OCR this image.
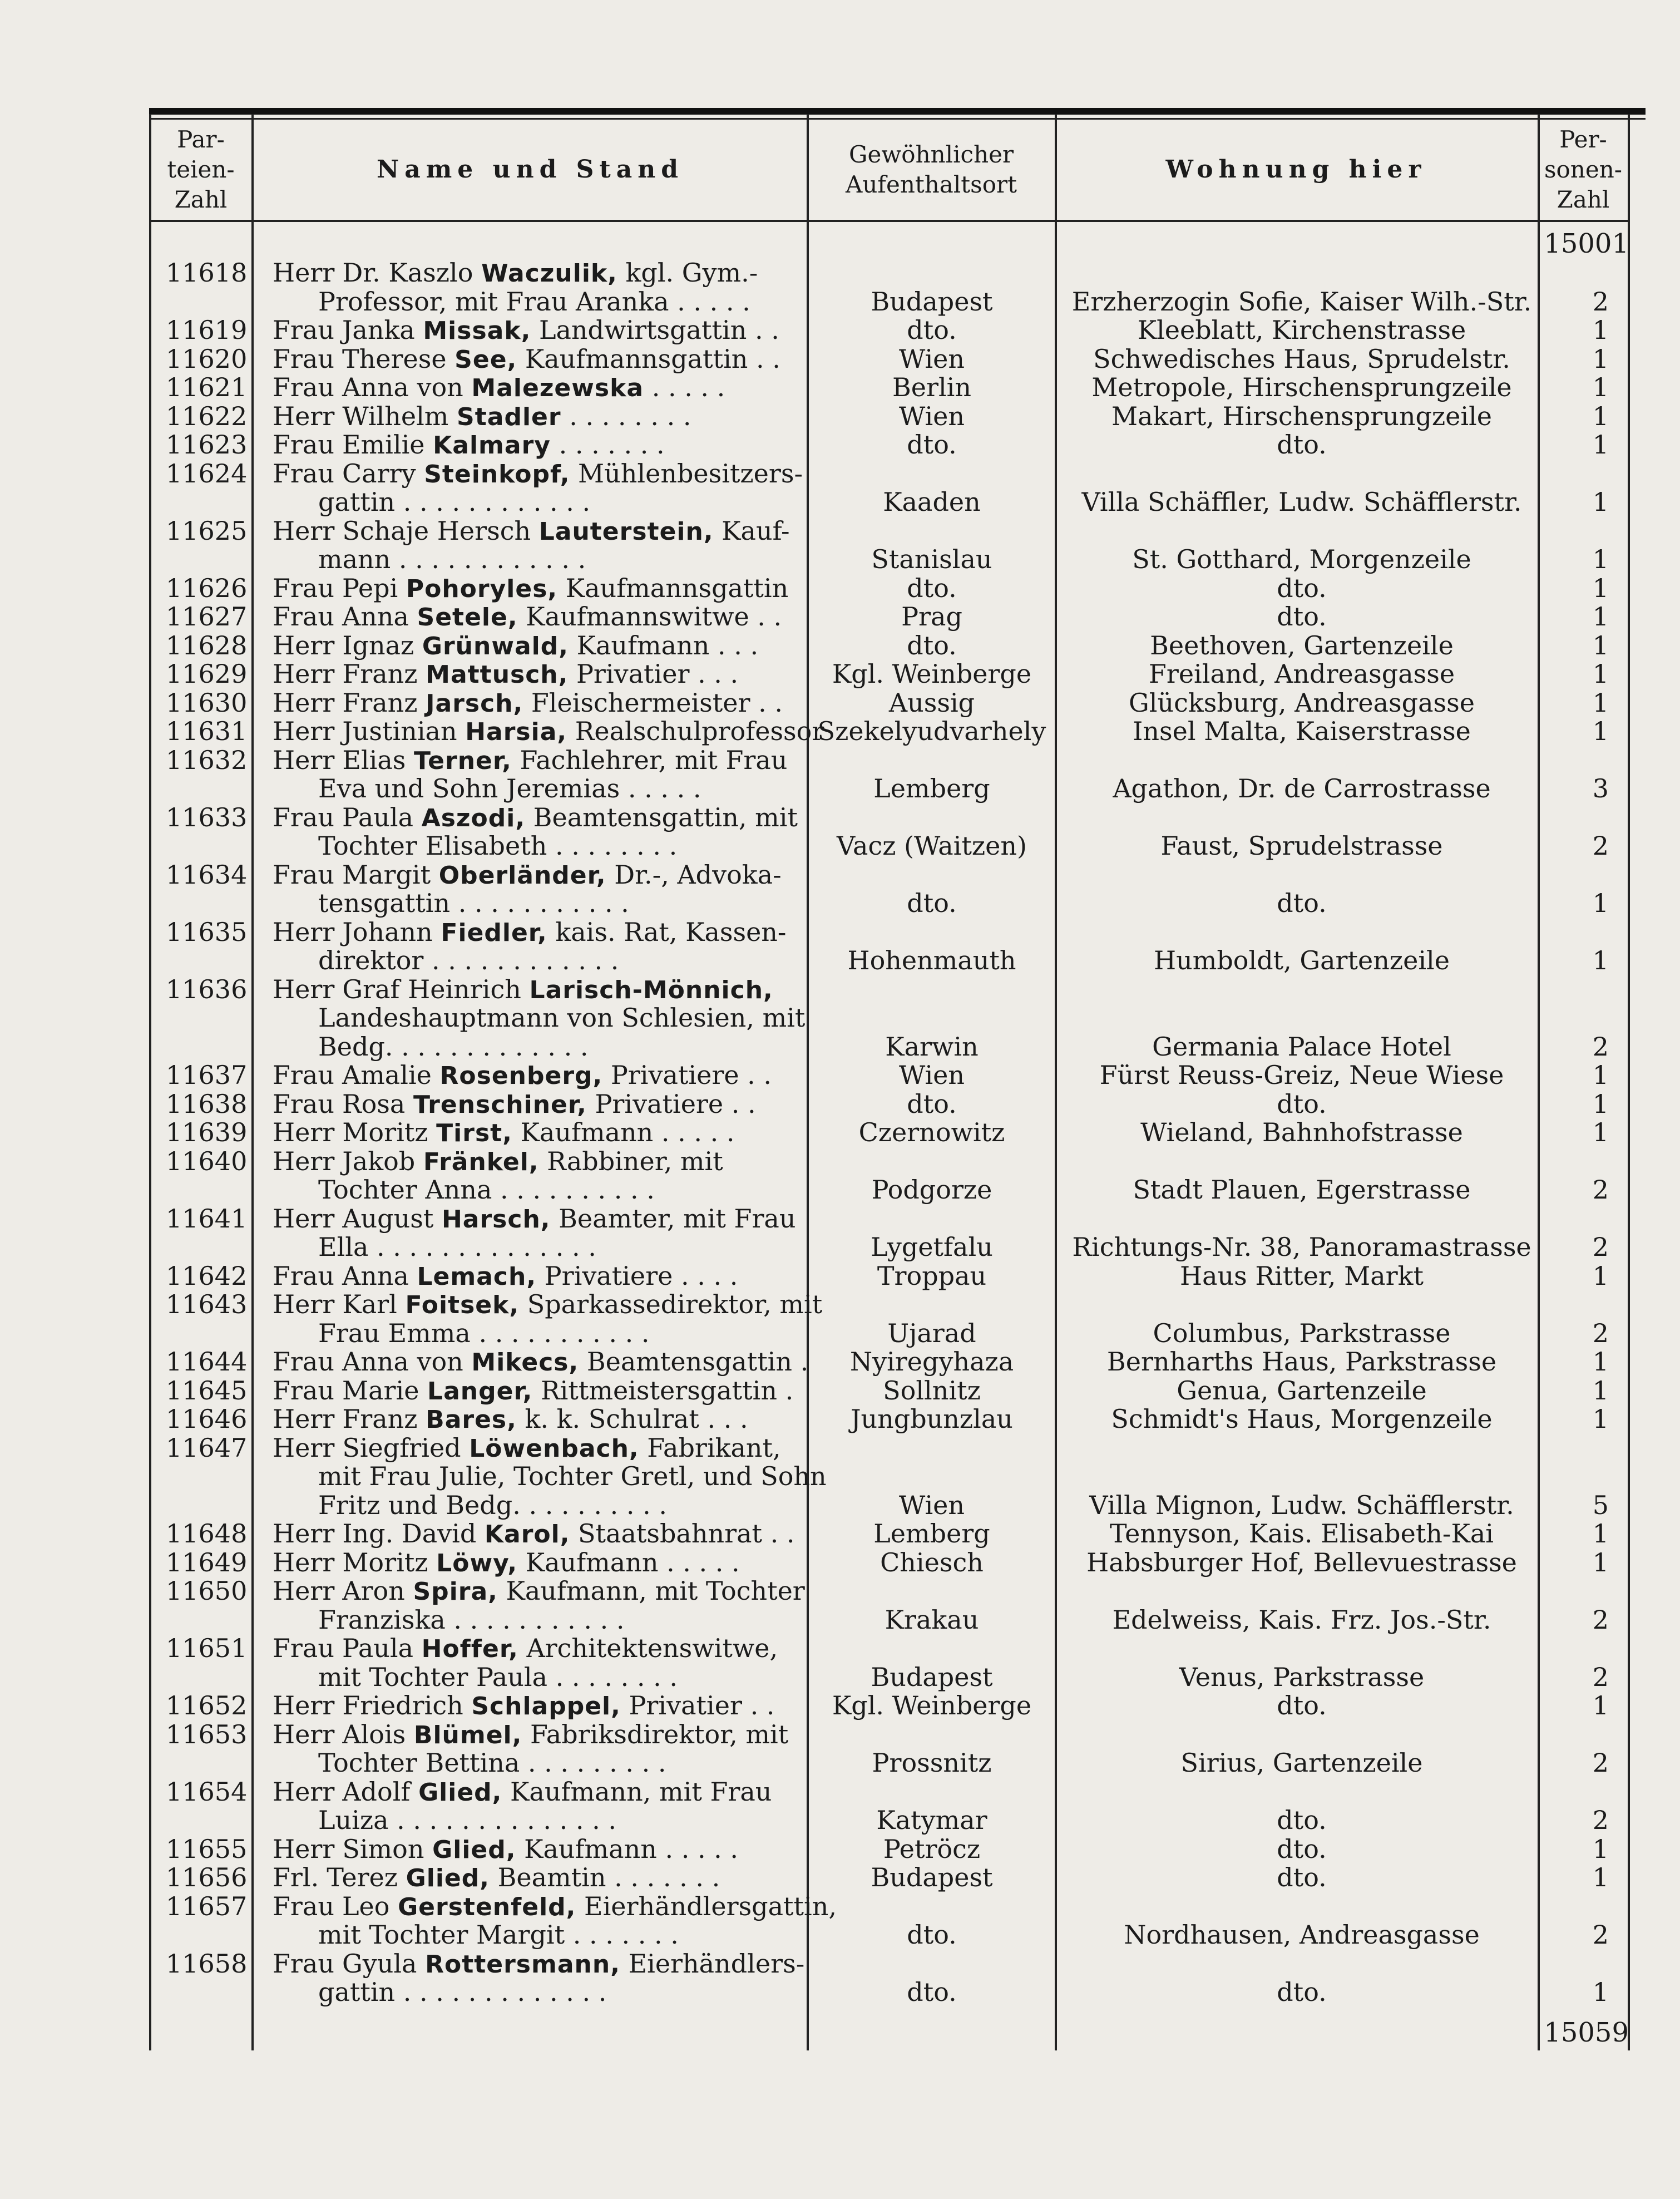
Par-
teien-
Zahl
Name und Stand
Gewöhnlicher
Aufenthaltsort
Wohnung hier
Per-
sonen-
Zahl
15001
11618 Herr Dr. Kaszlo Waczulik, kgl. Gym.-
Professor, mit Frau Aranka . . . . .	Budapest	Erzherzogin Sofie, Kaiser Wilh.-Str.	2
11619 Frau Janka Missak, Landwirtsgattin . .	dto.	Kleeblatt, Kirchenstrasse	1
11620 Frau Therese See, Kaufmannsgattin . .	Wien	Schwedisches Haus, Sprudelstr.	1
11621 Frau Anna von Malezewska . . . . .	Berlin	Metropole, Hirschensprungzeile	1
11622 Herr Wilhelm Stadler . . . . . . . .	Wien	Makart, Hirschensprungzeile	1
11623 Frau Emilie Kalmary . . . . . . .	dto.	dto.	1
11624 Frau Carry Steinkopf, Mühlenbesitzers-
gattin . . . . . . . . . . . .	Kaaden	Villa Schäffler, Ludw. Schäfflerstr.	1
11625 Herr Schaje Hersch Lauterstein, Kauf-
mann . . . . . . . . . . . .	Stanislau	St. Gotthard, Morgenzeile	1
11626 Frau Pepi Pohoryles, Kaufmannsgattin	dto.	dto.	1
11627 Frau Anna Setele, Kaufmannswitwe . .	Prag	dto.	1
11628 Herr Ignaz Grünwald, Kaufmann . . .	dto.	Beethoven, Gartenzeile	1
11629 Herr Franz Mattusch, Privatier . . .	Kgl. Weinberge	Freiland, Andreasgasse	1
11630 Herr Franz Jarsch, Fleischermeister . .	Aussig	Glücksburg, Andreasgasse	1
11631 Herr Justinian Harsia, Realschulprofessor
Szekelyudvarhely	Insel Malta, Kaiserstrasse	1
11632 Herr Elias Terner, Fachlehrer, mit Frau
Eva und Sohn Jeremias . . . . .	Lemberg	Agathon, Dr. de Carrostrasse	3
11633 Frau Paula Aszodi, Beamtensgattin, mit
Tochter Elisabeth . . . . . . . .	Vacz (Waitzen)	Faust, Sprudelstrasse	2
11634 Frau Margit Oberländer, Dr.-, Advoka-
tensgattin . . . . . . . . . . .	dto.	dto.	1
11635 Herr Johann Fiedler, kais. Rat, Kassen-
direktor . . . . . . . . . . . .	Hohenmauth	Humboldt, Gartenzeile	1
11636 Herr Graf Heinrich Larisch-Mönnich,
Landeshauptmann von Schlesien, mit
Bedg. . . . . . . . . . . . .	Karwin	Germania Palace Hotel	2
11637 Frau Amalie Rosenberg, Privatiere . .	Wien	Fürst Reuss-Greiz, Neue Wiese	1
11638 Frau Rosa Trenschiner, Privatiere . .	dto.	dto.	1
11639 Herr Moritz Tirst, Kaufmann . . . . .	Czernowitz	Wieland, Bahnhofstrasse	1
11640 Herr Jakob Fränkel, Rabbiner, mit
Tochter Anna . . . . . . . . . .	Podgorze	Stadt Plauen, Egerstrasse	2
11641 Herr August Harsch, Beamter, mit Frau
Ella . . . . . . . . . . . . . .	Lygetfalu	Richtungs-Nr. 38, Panoramastrasse	2
11642 Frau Anna Lemach, Privatiere . . . .	Troppau	Haus Ritter, Markt	1
11643 Herr Karl Foitsek, Sparkassedirektor, mit
Frau Emma . . . . . . . . . . .	Ujarad	Columbus, Parkstrasse	2
11644 Frau Anna von Mikecs, Beamtensgattin .	Nyiregyhaza	Bernharths Haus, Parkstrasse	1
11645 Frau Marie Langer, Rittmeistersgattin .	Sollnitz	Genua, Gartenzeile	1
11646 Herr Franz Bares, k. k. Schulrat . . .	Jungbunzlau	Schmidt's Haus, Morgenzeile	1
11647 Herr Siegfried Löwenbach, Fabrikant,
mit Frau Julie, Tochter Gretl, und Sohn
Fritz und Bedg. . . . . . . . . .	Wien	Villa Mignon, Ludw. Schäfflerstr.	5
11648 Herr Ing. David Karol, Staatsbahnrat . .	Lemberg	Tennyson, Kais. Elisabeth-Kai	1
11649 Herr Moritz Löwy, Kaufmann . . . . .	Chiesch	Habsburger Hof, Bellevuestrasse	1
11650 Herr Aron Spira, Kaufmann, mit Tochter
Franziska . . . . . . . . . . .	Krakau	Edelweiss, Kais. Frz. Jos.-Str.	2
11651 Frau Paula Hoffer, Architektenswitwe,
mit Tochter Paula . . . . . . . .	Budapest	Venus, Parkstrasse	2
11652 Herr Friedrich Schlappel, Privatier . .	Kgl. Weinberge	dto.	1
11653 Herr Alois Blümel, Fabriksdirektor, mit
Tochter Bettina . . . . . . . . .	Prossnitz	Sirius, Gartenzeile	2
11654 Herr Adolf Glied, Kaufmann, mit Frau
Luiza . . . . . . . . . . . . . .	Katymar	dto.	2
11655 Herr Simon Glied, Kaufmann . . . . .	Petröcz	dto.	1
11656 Frl. Terez Glied, Beamtin . . . . . . .	Budapest	dto.	1
11657 Frau Leo Gerstenfeld, Eierhändlersgattin,
mit Tochter Margit . . . . . . .	dto.	Nordhausen, Andreasgasse	2
11658 Frau Gyula Rottersmann, Eierhändlers-
gattin . . . . . . . . . . . . .	dto.	dto.	1
15059
